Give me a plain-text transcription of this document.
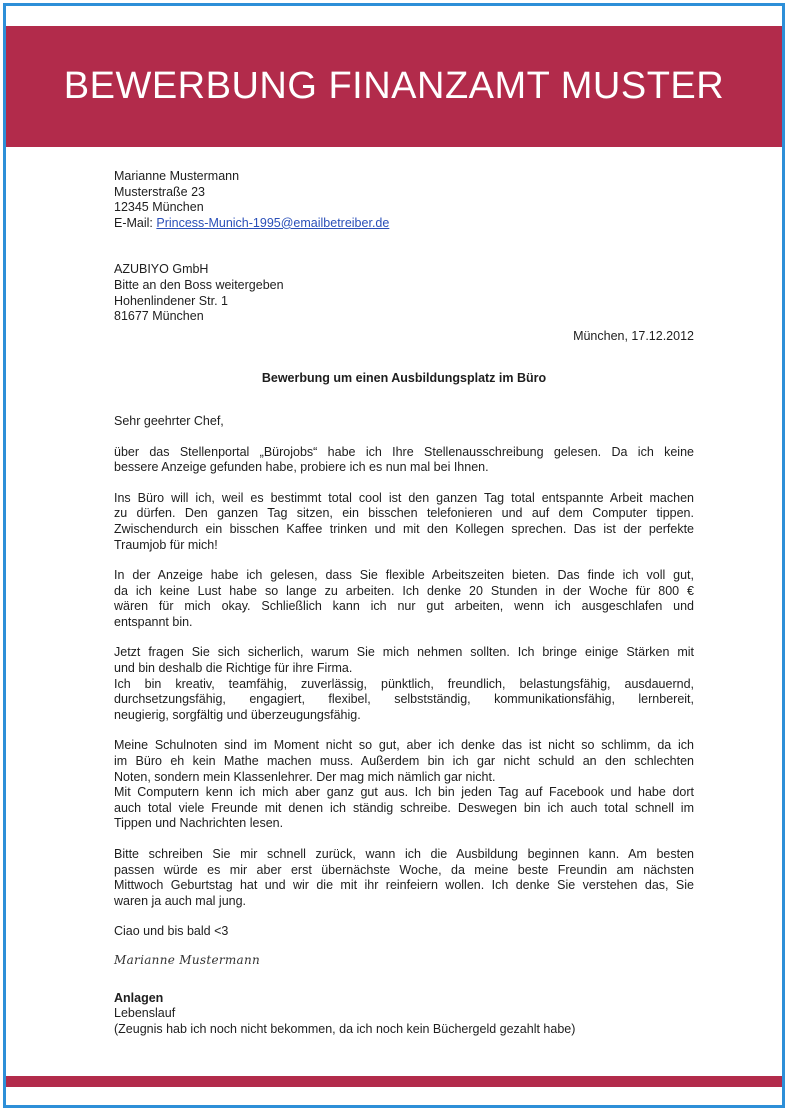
BEWERBUNG FINANZAMT MUSTER
Marianne Mustermann
Musterstraße 23
12345 München
E-Mail: Princess-Munich-1995@emailbetreiber.de
AZUBIYO GmbH
Bitte an den Boss weitergeben
Hohenlindener Str. 1
81677 München
München, 17.12.2012
Bewerbung um einen Ausbildungsplatz im Büro
Sehr geehrter Chef,
über das Stellenportal „Bürojobs“ habe ich Ihre Stellenausschreibung gelesen. Da ich keine
bessere Anzeige gefunden habe, probiere ich es nun mal bei Ihnen.
Ins Büro will ich, weil es bestimmt total cool ist den ganzen Tag total entspannte Arbeit machen
zu dürfen. Den ganzen Tag sitzen, ein bisschen telefonieren und auf dem Computer tippen.
Zwischendurch ein bisschen Kaffee trinken und mit den Kollegen sprechen. Das ist der perfekte
Traumjob für mich!
In der Anzeige habe ich gelesen, dass Sie flexible Arbeitszeiten bieten. Das finde ich voll gut,
da ich keine Lust habe so lange zu arbeiten. Ich denke 20 Stunden in der Woche für 800 €
wären für mich okay. Schließlich kann ich nur gut arbeiten, wenn ich ausgeschlafen und
entspannt bin.
Jetzt fragen Sie sich sicherlich, warum Sie mich nehmen sollten. Ich bringe einige Stärken mit
und bin deshalb die Richtige für ihre Firma.
Ich bin kreativ, teamfähig, zuverlässig, pünktlich, freundlich, belastungsfähig, ausdauernd,
durchsetzungsfähig, engagiert, flexibel, selbstständig, kommunikationsfähig, lernbereit,
neugierig, sorgfältig und überzeugungsfähig.
Meine Schulnoten sind im Moment nicht so gut, aber ich denke das ist nicht so schlimm, da ich
im Büro eh kein Mathe machen muss. Außerdem bin ich gar nicht schuld an den schlechten
Noten, sondern mein Klassenlehrer. Der mag mich nämlich gar nicht.
Mit Computern kenn ich mich aber ganz gut aus. Ich bin jeden Tag auf Facebook und habe dort
auch total viele Freunde mit denen ich ständig schreibe. Deswegen bin ich auch total schnell im
Tippen und Nachrichten lesen.
Bitte schreiben Sie mir schnell zurück, wann ich die Ausbildung beginnen kann. Am besten
passen würde es mir aber erst übernächste Woche, da meine beste Freundin am nächsten
Mittwoch Geburtstag hat und wir die mit ihr reinfeiern wollen. Ich denke Sie verstehen das, Sie
waren ja auch mal jung.
Ciao und bis bald <3
Marianne Mustermann
Anlagen
Lebenslauf
(Zeugnis hab ich noch nicht bekommen, da ich noch kein Büchergeld gezahlt habe)
